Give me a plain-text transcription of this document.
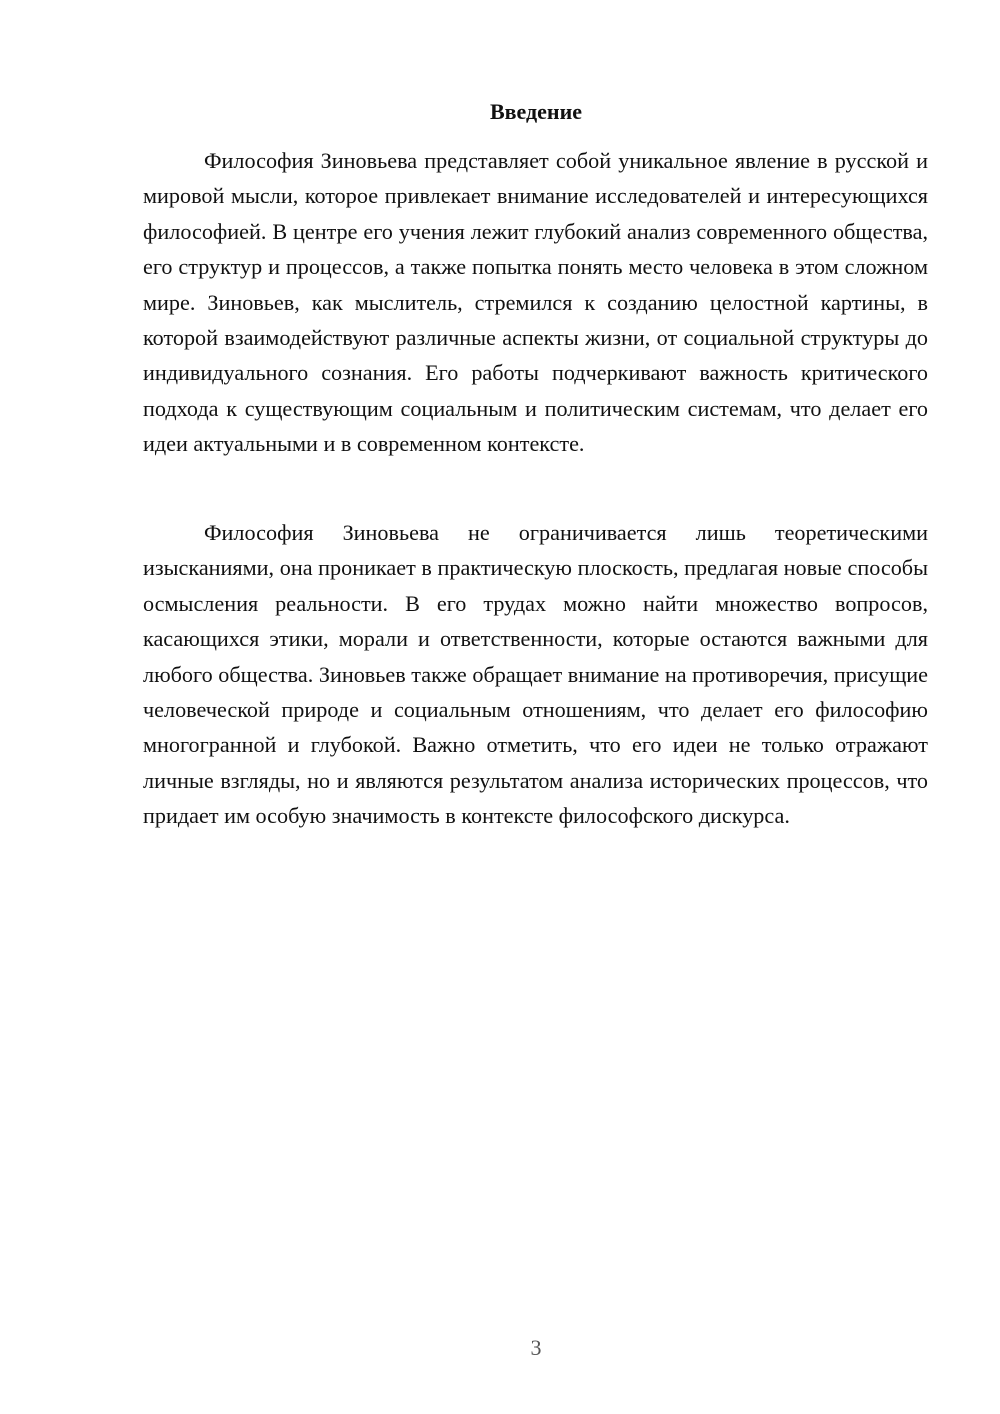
Введение

Философия Зиновьева представляет собой уникальное явление в русской и мировой мысли, которое привлекает внимание исследователей и интересующихся философией. В центре его учения лежит глубокий анализ современного общества, его структур и процессов, а также попытка понять место человека в этом сложном мире. Зиновьев, как мыслитель, стремился к созданию целостной картины, в которой взаимодействуют различные аспекты жизни, от социальной структуры до индивидуального сознания. Его работы подчеркивают важность критического подхода к существующим социальным и политическим системам, что делает его идеи актуальными и в современном контексте.

Философия Зиновьева не ограничивается лишь теоретическими изысканиями, она проникает в практическую плоскость, предлагая новые способы осмысления реальности. В его трудах можно найти множество вопросов, касающихся этики, морали и ответственности, которые остаются важными для любого общества. Зиновьев также обращает внимание на противоречия, присущие человеческой природе и социальным отношениям, что делает его философию многогранной и глубокой. Важно отметить, что его идеи не только отражают личные взгляды, но и являются результатом анализа исторических процессов, что придает им особую значимость в контексте философского дискурса.

3
